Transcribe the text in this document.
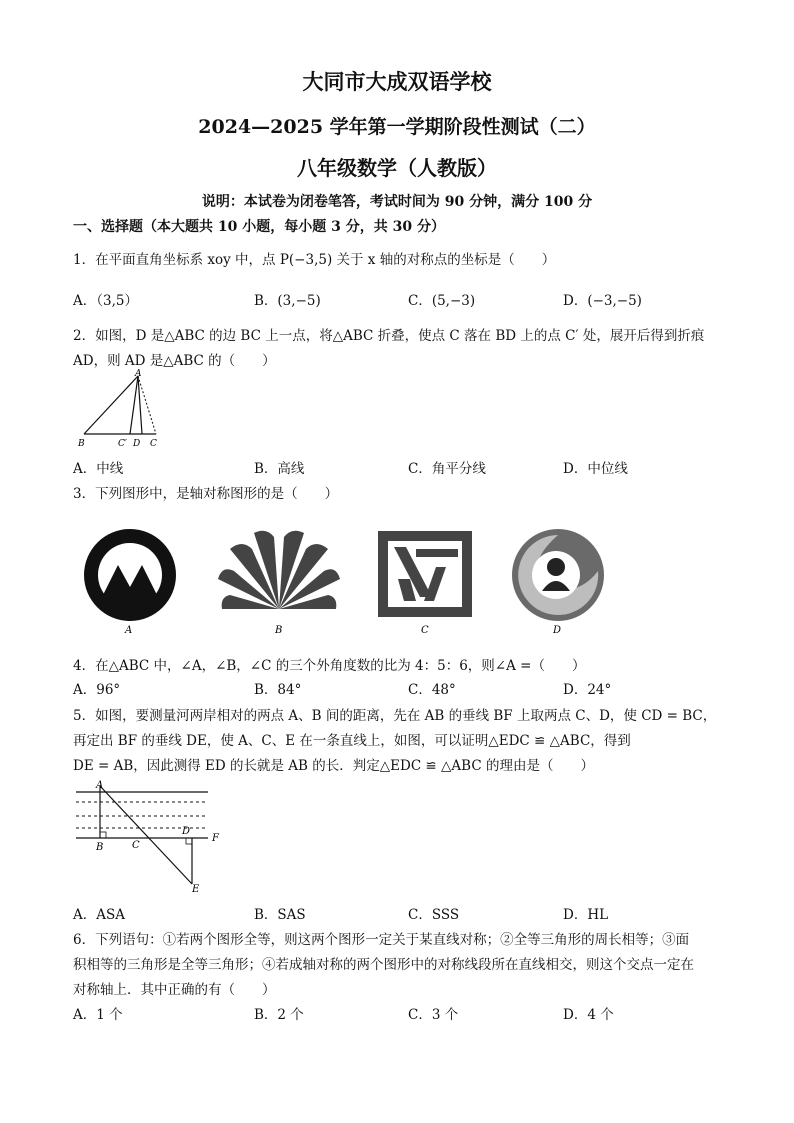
大同市大成双语学校
2024—2025 学年第一学期阶段性测试（二）
八年级数学（人教版）
说明：本试卷为闭卷笔答，考试时间为 90 分钟，满分 100 分
一、选择题（本大题共 10 小题，每小题 3 分，共 30 分）
1．在平面直角坐标系 xoy 中，点 P(−3,5) 关于 x 轴的对称点的坐标是（　　）
A．（3,5）	B．(3,−5)	C．(5,−3)	D．(−3,−5)
2．如图，D 是△ABC 的边 BC 上一点，将△ABC 折叠，使点 C 落在 BD 上的点 C′ 处，展开后得到折痕
AD，则 AD 是△ABC 的（　　）
A
B	C′ D C
A．中线	B．高线	C．角平分线	D．中位线
3．下列图形中，是轴对称图形的是（　　）
A	B	C	D
4．在△ABC 中，∠A，∠B，∠C 的三个外角度数的比为 4：5：6，则∠A =（　　）
A．96°	B．84°	C．48°	D．24°
5．如图，要测量河两岸相对的两点 A、B 间的距离，先在 AB 的垂线 BF 上取两点 C、D，使 CD = BC，
再定出 BF 的垂线 DE，使 A、C、E 在一条直线上，如图，可以证明△EDC ≌ △ABC，得到
DE = AB，因此测得 ED 的长就是 AB 的长．判定△EDC ≌ △ABC 的理由是（　　）
A
B	C
D
F
E
A．ASA	B．SAS	C．SSS	D．HL
6．下列语句：①若两个图形全等，则这两个图形一定关于某直线对称；②全等三角形的周长相等；③面
积相等的三角形是全等三角形；④若成轴对称的两个图形中的对称线段所在直线相交，则这个交点一定在
对称轴上．其中正确的有（　　）
A．1 个	B．2 个	C．3 个	D．4 个
